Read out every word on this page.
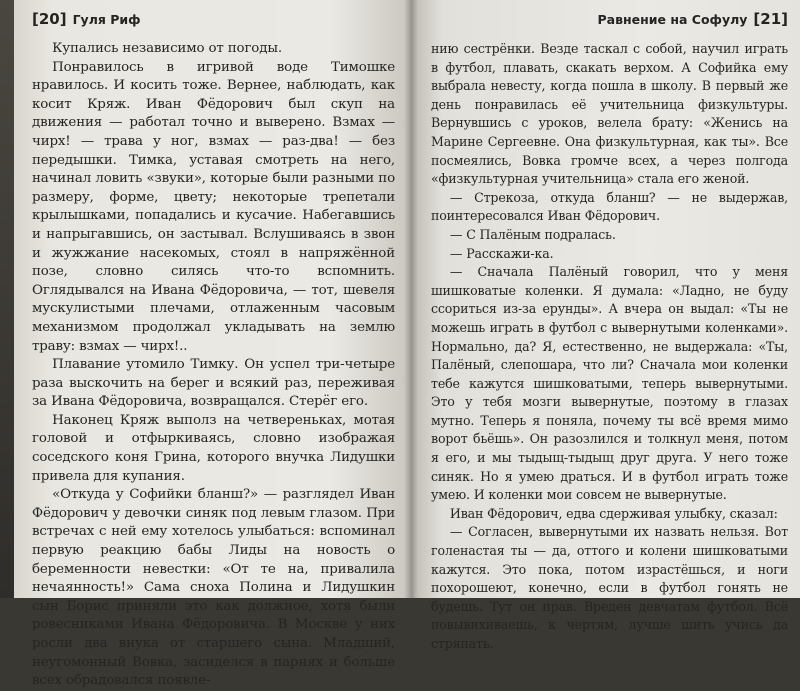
[20] Гуля Риф

Купались независимо от погоды.

Понравилось в игривой воде Тимошке нравилось. И косить тоже. Вернее, наблюдать, как косит Кряж. Иван Фёдорович был скуп на движения — работал точно и выверено. Взмах — чирх! — трава у ног, взмах — раз-два! — без передышки. Тимка, уставая смотреть на него, начинал ловить «звуки», которые были разными по размеру, форме, цвету; некоторые трепетали крылышками, попадались и кусачие. Набегавшись и напрыгавшись, он застывал. Вслушиваясь в звон и жужжание насекомых, стоял в напряжённой позе, словно силясь что-то вспомнить. Оглядывался на Ивана Фёдоровича, — тот, шевеля мускулистыми плечами, отлаженным часовым механизмом продолжал укладывать на землю траву: взмах — чирх!..

Плавание утомило Тимку. Он успел три-четыре раза выскочить на берег и всякий раз, переживая за Ивана Фёдоровича, возвращался. Стерёг его.

Наконец Кряж выполз на четвереньках, мотая головой и отфыркиваясь, словно изображая соседского коня Грина, которого внучка Лидушки привела для купания.

«Откуда у Софийки бланш?» — разглядел Иван Фёдорович у девочки синяк под левым глазом. При встречах с ней ему хотелось улыбаться: вспоминал первую реакцию бабы Лиды на новость о беременности невестки: «От те на, привалила нечаянность!» Сама сноха Полина и Лидушкин сын Борис приняли это как должное, хотя были ровесниками Ивана Фёдоровича. В Москве у них росли два внука от старшего сына. Младший, неугомонный Вовка, засиделся в парнях и больше всех обрадовался появле-

Равнение на Софулу [21]

нию сестрёнки. Везде таскал с собой, научил играть в футбол, плавать, скакать верхом. А Софийка ему выбрала невесту, когда пошла в школу. В первый же день понравилась её учительница физкультуры. Вернувшись с уроков, велела брату: «Женись на Марине Сергеевне. Она физкультурная, как ты». Все посмеялись, Вовка громче всех, а через полгода «физкультурная учительница» стала его женой.

— Стрекоза, откуда бланш? — не выдержав, поинтересовался Иван Фёдорович.

— С Палёным подралась.

— Расскажи-ка.

— Сначала Палёный говорил, что у меня шишковатые коленки. Я думала: «Ладно, не буду ссориться из-за ерунды». А вчера он выдал: «Ты не можешь играть в футбол с вывернутыми коленками». Нормально, да? Я, естественно, не выдержала: «Ты, Палёный, слепошара, что ли? Сначала мои коленки тебе кажутся шишковатыми, теперь вывернутыми. Это у тебя мозги вывернутые, поэтому в глазах мутно. Теперь я поняла, почему ты всё время мимо ворот бьёшь». Он разозлился и толкнул меня, потом я его, и мы тыдыщ-тыдыщ друг друга. У него тоже синяк. Но я умею драться. И в футбол играть тоже умею. И коленки мои совсем не вывернутые.

Иван Фёдорович, едва сдерживая улыбку, сказал:

— Согласен, вывернутыми их назвать нельзя. Вот голенастая ты — да, оттого и колени шишковатыми кажутся. Это пока, потом израстёшься, и ноги похорошеют, конечно, если в футбол гонять не будешь. Тут он прав. Вреден девчатам футбол. Всё повывихиваешь, к чертям, лучше шить учись да стряпать.
